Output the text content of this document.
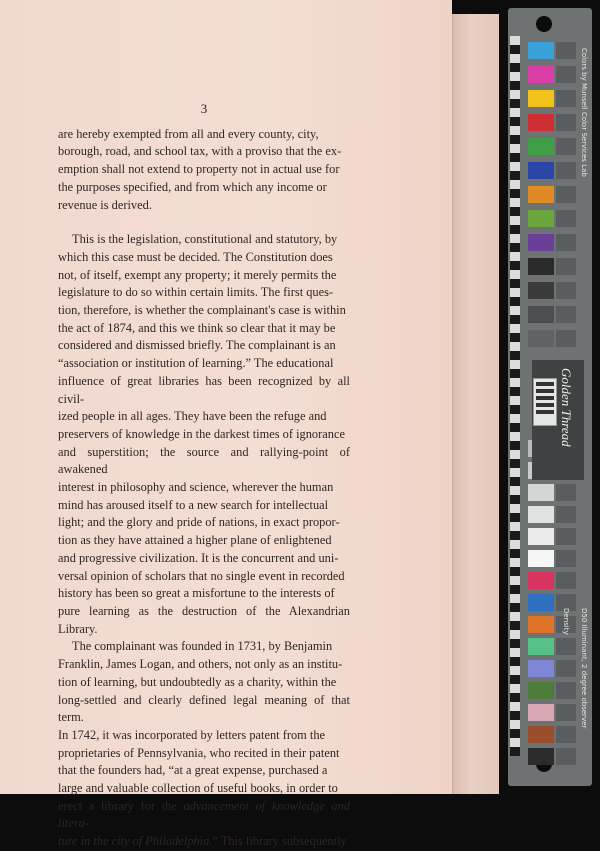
3
are hereby exempted from all and every county, city,
borough, road, and school tax, with a proviso that the ex-
emption shall not extend to property not in actual use for
the purposes specified, and from which any income or
revenue is derived.
This is the legislation, constitutional and statutory, by
which this case must be decided. The Constitution does
not, of itself, exempt any property; it merely permits the
legislature to do so within certain limits. The first ques-
tion, therefore, is whether the complainant's case is within
the act of 1874, and this we think so clear that it may be
considered and dismissed briefly. The complainant is an
“association or institution of learning.” The educational
influence of great libraries has been recognized by all civil-
ized people in all ages. They have been the refuge and
preservers of knowledge in the darkest times of ignorance
and superstition; the source and rallying-point of awakened
interest in philosophy and science, wherever the human
mind has aroused itself to a new search for intellectual
light; and the glory and pride of nations, in exact propor-
tion as they have attained a higher plane of enlightened
and progressive civilization. It is the concurrent and uni-
versal opinion of scholars that no single event in recorded
history has been so great a misfortune to the interests of
pure learning as the destruction of the Alexandrian Library.
The complainant was founded in 1731, by Benjamin
Franklin, James Logan, and others, not only as an institu-
tion of learning, but undoubtedly as a charity, within the
long-settled and clearly defined legal meaning of that term.
In 1742, it was incorporated by letters patent from the
proprietaries of Pennsylvania, who recited in their patent
that the founders had, “at a great expense, purchased a
large and valuable collection of useful books, in order to
erect a library for the advancement of knowledge and litera-
ture in the city of Philadelphia.” This library subsequently
Colors by Munsell Color Services Lab
D50 Illuminant, 2 degree observer
Density
Golden Thread
